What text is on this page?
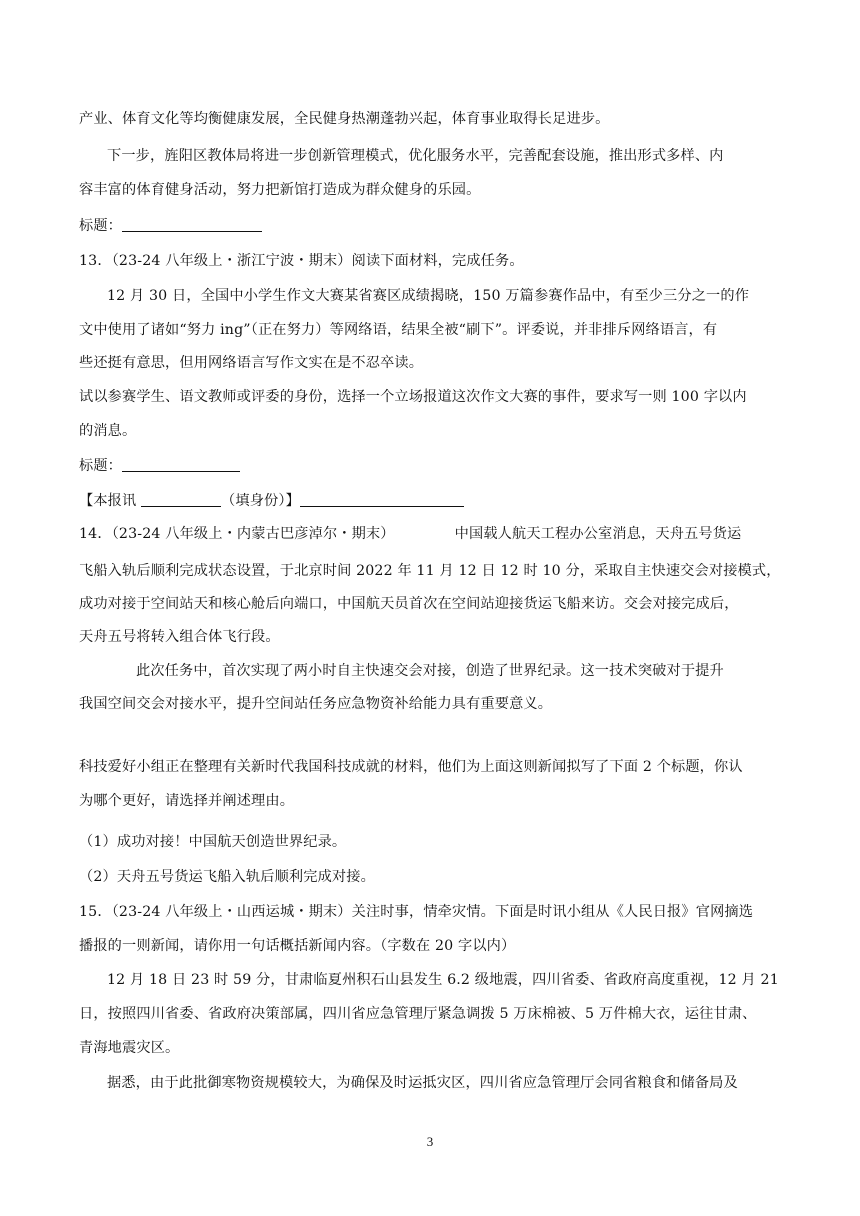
产业、体育文化等均衡健康发展，全民健身热潮蓬勃兴起，体育事业取得长足进步。
下一步，旌阳区教体局将进一步创新管理模式，优化服务水平，完善配套设施，推出形式多样、内
容丰富的体育健身活动，努力把新馆打造成为群众健身的乐园。
标题：
13．（23-24 八年级上・浙江宁波・期末）阅读下面材料，完成任务。
12 月 30 日，全国中小学生作文大赛某省赛区成绩揭晓，150 万篇参赛作品中，有至少三分之一的作
文中使用了诸如“努力 ing”（正在努力）等网络语，结果全被“刷下”。评委说，并非排斥网络语言，有
些还挺有意思，但用网络语言写作文实在是不忍卒读。
试以参赛学生、语文教师或评委的身份，选择一个立场报道这次作文大赛的事件，要求写一则 100 字以内
的消息。
标题：
【本报讯	（填身份）】
14．（23-24 八年级上・内蒙古巴彦淖尔・期末）	中国载人航天工程办公室消息，天舟五号货运
飞船入轨后顺利完成状态设置，于北京时间 2022 年 11 月 12 日 12 时 10 分，采取自主快速交会对接模式，
成功对接于空间站天和核心舱后向端口，中国航天员首次在空间站迎接货运飞船来访。交会对接完成后，
天舟五号将转入组合体飞行段。
此次任务中，首次实现了两小时自主快速交会对接，创造了世界纪录。这一技术突破对于提升
我国空间交会对接水平，提升空间站任务应急物资补给能力具有重要意义。
科技爱好小组正在整理有关新时代我国科技成就的材料，他们为上面这则新闻拟写了下面 2 个标题，你认
为哪个更好，请选择并阐述理由。
（1）成功对接！中国航天创造世界纪录。
（2）天舟五号货运飞船入轨后顺利完成对接。
15．（23-24 八年级上・山西运城・期末）关注时事，情牵灾情。下面是时讯小组从《人民日报》官网摘选
播报的一则新闻，请你用一句话概括新闻内容。（字数在 20 字以内）
12 月 18 日 23 时 59 分，甘肃临夏州积石山县发生 6.2 级地震，四川省委、省政府高度重视，12 月 21
日，按照四川省委、省政府决策部属，四川省应急管理厅紧急调拨 5 万床棉被、5 万件棉大衣，运往甘肃、
青海地震灾区。
据悉，由于此批御寒物资规模较大，为确保及时运抵灾区，四川省应急管理厅会同省粮食和储备局及
3
